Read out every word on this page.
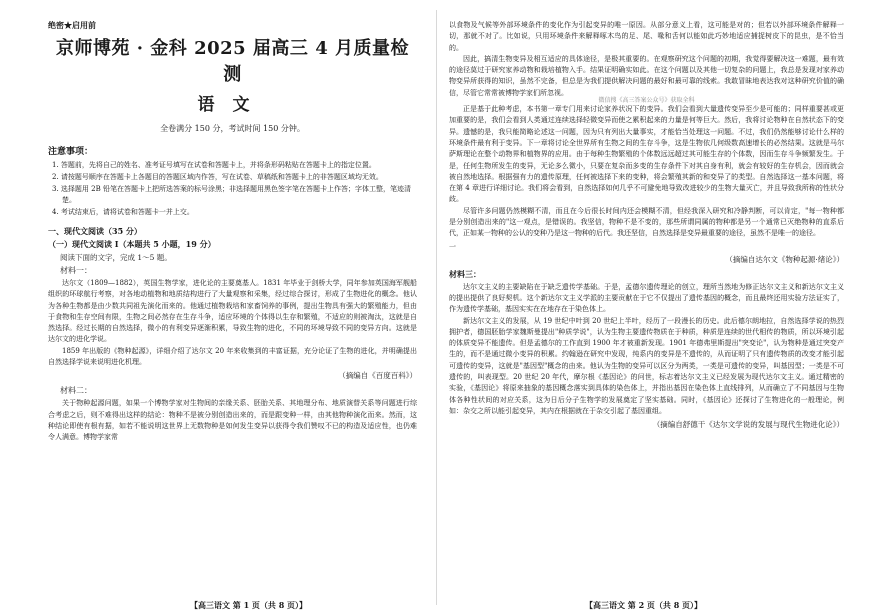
绝密★启用前
京师博苑 · 金科 2025 届高三 4 月质量检测
语文
全卷满分 150 分，考试时间 150 分钟。
注意事项：
1. 答题前，先将自己的姓名、准考证号填写在试卷和答题卡上，并将条形码粘贴在答题卡上的指定位置。
2. 请按题号顺序在答题卡上各题目的答题区域内作答，写在试卷、草稿纸和答题卡上的非答题区域均无效。
3. 选择题用 2B 铅笔在答题卡上把所选答案的标号涂黑；非选择题用黑色签字笔在答题卡上作答；字体工整，笔迹清楚。
4. 考试结束后，请将试卷和答题卡一并上交。
一、现代文阅读（35 分）
（一）现代文阅读 Ⅰ（本题共 5 小题，19 分）
阅读下面的文字，完成 1～5 题。
材料一：

达尔文（1809—1882），英国生物学家，进化论的主要奠基人。1831 年毕业于剑桥大学，同年参加英国海军舰船组织的环球航行考察，对各地动植物和地质结构进行了大量观察和采集，经过综合探讨，形成了生物进化的概念。他认为各种生物都是由少数共同祖先演化而来的。他通过植物栽培和家畜饲养的事例，提出生物具有强大的繁殖能力，但由于食物和生存空间有限，生物之间必然存在生存斗争，适应环境的个体得以生存和繁殖，不适应的则被淘汰，这就是自然选择。经过长期的自然选择，微小的有利变异逐渐积累，导致生物的进化，不同的环境导致不同的变异方向。这就是达尔文的进化学说。

1859 年出版的《物种起源》，详细介绍了达尔文 20 年来收集到的丰富证据，充分论证了生物的进化，并明确提出自然选择学说来说明进化机理。

（摘编自《百度百科》）
材料二：

关于物种起源问题，如果一个博物学家对生物间的亲缘关系、胚胎关系、其地理分布、地质演替关系等问题进行综合考虑之后，则不难得出这样的结论：物种不是被分别创造出来的，而是跟变种一样，由其他物种演化而来。然而，这种结论即使有根有据，如若不能说明这世界上无数物种是如何发生变异以获得令我们赞叹不已的构造及适应性，也仍难令人满意。博物学家常

【高三语文 第 1 页（共 8 页）】

以食物及气候等外部环境条件的变化作为引起变异的唯一原因。从部分意义上看，这可能是对的；但若以外部环境条件解释一切，那就不对了。比如说，只用环境条件来解释啄木鸟的足、尾、喙和舌何以能如此巧妙地适应捕捉树皮下的昆虫，是不恰当的。

因此，搞清生物变异及相互适应的具体途径，是极其重要的。在观察研究这个问题的初期，我觉得要解决这一难题，最有效的途径莫过于研究家养动物和栽培植物入手。结果证明确实如此。在这个问题以及其他一切复杂的问题上，我总是发现对家养动物变异所获得的知识，虽然不完备，但总是为我们提供解决问题的最好和最可靠的线索。我敢冒昧地表达我对这种研究价值的确信，尽管它常常被博物学家们所忽视。

微信搜《高三答案公众号》获取全科

正是基于此种考虑，本书第一章专门用来讨论家养状况下的变异。我们会看到大量遗传变异至少是可能的；同样重要甚或更加重要的是，我们会看到人类通过连续选择轻微变异而使之累积起来的力量是何等巨大。然后，我将讨论物种在自然状态下的变异。遗憾的是，我只能简略论述这一问题，因为只有列出大量事实，才能恰当处理这一问题。不过，我们仍然能够讨论什么样的环境条件最有利于变异。下一章将讨论全世界所有生物之间的生存斗争，这是生物依几何级数高速增长的必然结果。这就是马尔萨斯理论在整个动物界和植物界的应用。由于每种生物繁殖的个体数远远超过其可能生存的个体数，因而生存斗争频繁发生。于是，任何生物所发生的变异，无论多么微小，只要在复杂而多变的生存条件下对其自身有利，就会有较好的生存机会，因而就会被自然地选择。根据强有力的遗传原理，任何被选择下来的变种，将会繁殖其新的和变异了的类型。自然选择这一基本问题，将在第 4 章进行详细讨论。我们将会看到，自然选择如何几乎不可避免地导致改进较少的生物大量灭亡，并且导致我所称的性状分歧。

尽管许多问题仍然模糊不清，而且在今后很长时间内还会模糊不清，但经我深入研究和冷静判断，可以肯定，"每一物种都是分别创造出来的"这一观点，是错误的。我坚信，物种不是不变的，那些所谓同属的物种都是另一个通常已灭绝物种的直系后代，正如某一物种的公认的变种乃是这一物种的后代。我还坚信，自然选择是变异最重要的途径，虽然不是唯一的途径。

一
（摘编自达尔文《物种起源·绪论》）
材料三：

达尔文主义的主要缺陷在于缺乏遗传学基础。于是，孟德尔遗传理论的创立，理所当然地为修正达尔文主义和新达尔文主义的提出提供了良好契机。这个新达尔文主义学派的主要贡献在于它不仅提出了遗传基因的概念，而且最终还用实验方法证实了，作为遗传学基础，基因实实在在地存在于染色体上。

新达尔文主义的发展，从 19 世纪中叶到 20 世纪上半叶，经历了一段漫长的历史。此后德尔朗地拉，自然选择学说的热烈拥护者，德国胚胎学家魏斯曼提出"种质学说"，认为生物主要遗传物质在于种质，种质是连续的世代相传的物质，所以环境引起的体质变异不能遗传。但是孟德尔的工作直到 1900 年才被重新发现。1901 年德弗里斯提出"突变论"，认为物种是通过突变产生的，而不是通过微小变异的积累。约翰逊在研究中发现，纯系内的变异是不遗传的，从而证明了只有遗传物质的改变才能引起可遗传的变异，这就是"基因型"概念的由来。他认为生物的变异可以区分为两类，一类是可遗传的变异，叫基因型；一类是不可遗传的，叫表现型。20 世纪 20 年代，摩尔根《基因论》的问世，标志着达尔文主义已经发展为现代达尔文主义。通过精密的实验，《基因论》将原来抽象的基因概念落实到具体的染色体上，并指出基因在染色体上直线排列，从而确立了不同基因与生物体各种性状间的对应关系，这为日后分子生物学的发展奠定了坚实基础。同时，《基因论》还探讨了生物进化的一般理论，例如：杂交之所以能引起变异，其内在根据就在于杂交引起了基因重组。

（摘编自舒德干《达尔文学说的发展与现代生物进化论》）
【高三语文 第 2 页（共 8 页）】
